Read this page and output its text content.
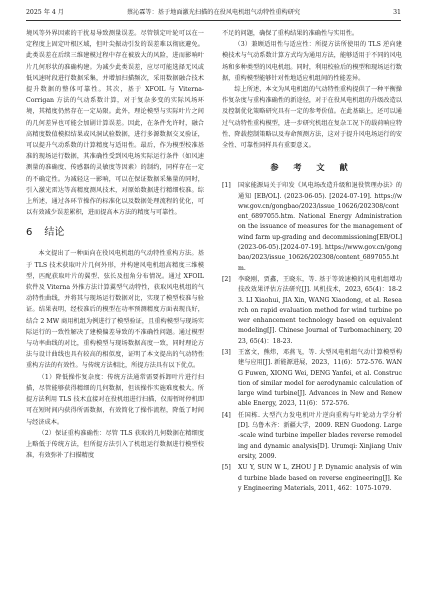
2025 年 4 月	蔡沁霖等：基于地面激光扫描的在役风电机组气动特性重构研究	31

境风等外界因素的干扰易导致测量误差。尽管锁定叶轮可以在一定程度上固定叶根区域，但叶尖振动引发的误差难以彻底避免。此类误差在后续三维建模过程中存在被放大的风险，进而影响叶片几何形状的准确构建。为减少此类误差，应尽可能选择无风或低风速时段进行数据采集，并增加扫描频次，采用数据融合技术提升数据的整体可靠性。其次，基于 XFOIL 与 Viterna-Corrigan 方法的气动系数计算，对于复杂多变的实际风场环境，其精度仍然存在一定局限。此外，理论模型与实际叶片之间的几何差异也可能会加剧计算误差。因此，在条件允许时，融合高精度数值模拟结果或风洞试验数据，进行多源数据交叉验证，可以提升气动系数的计算精度与适用性。最后，作为模型校准基准的现场运行数据，其准确性受到风电场实际运行条件（如风速测量的准确度、传感器的灵敏度等因素）的制约，同样存在一定的不确定性。为减轻这一影响，可以在保证数据采集量的同时，引入激光雷达等高精度测风技术，对原始数据进行精细校准。综上所述，通过各环节操作的标准化以及数据处理流程的优化，可以有效减少误差累积，进而提高本方法的精度与可靠性。

6 结论

本文提出了一种面向在役风电机组的气动特性重构方法。基于 TLS 技术获取叶片几何外形，并构建风电机组高精度三维模型，匹配获取叶片的翼型、弦长及扭角分布情况。通过 XFOIL 软件及 Viterna 外推方法计算翼型气动特性，获取风电机组的气动特性曲线，并将其与现场运行数据对比，实现了模型校准与验证。结果表明，经校准后的模型在功率预测精度方面表现良好，结合 2 MW 商用机组为例进行了模型验证，且重构模型与现场实际运行的一致性解决了建模偏差导致的不准确性问题。通过模型与功率曲线的对比，重构模型与现场数据高度一致，同时理论方法与设计曲线也具有较高的相似度，证明了本文提出的气动特性重构方法的有效性。与传统方法相比，所提方法具有以下优点。

（1）降低操作复杂度：传统方法通常需要拆卸叶片进行扫描，尽管能够获得精细的几何数据，但该操作实施难度极大。所提方法利用 TLS 技术直接对在役机组进行扫描，仅需暂时停机即可在短时间内获得所需数据，有效简化了操作流程，降低了时间与经济成本。

（2）保证重构准确性：尽管 TLS 获取的几何数据在精细度上略低于传统方法，但所提方法引入了机组运行数据进行模型校准，有效弥补了扫描精度

不足的问题，确保了重构结果的准确性与实用性。

（3）兼顾适用性与适应性：所提方法所使用的 TLS 逆向建模技术与气动系数计算方式均为通用方法，能够适用于不同的风电场和多种类型的风电机组。同时，利用校验后的模型和现场运行数据，重构模型能够针对性地适应机组间的性能差异。

综上所述，本文为风电机组的气动特性重构提供了一种平衡操作复杂度与重构准确性的新途径，对于在役风电机组的升级改造以及控制优化策略研究具有一定的参考价值。在此基础上，还可以通过气动特性重构模型，进一步研究机组在复杂工况下的载荷响应特性、降载控制策略以及寿命预测方法，这对于提升风电场运行的安全性、可靠性同样具有重要意义。

参 考 文 献
[1] 国家能源局关于印发《风电场改造升级和退役管理办法》的通知 [EB/OL]. (2023-06-05). [2024-07-19]. https://www.gov.cn/gongbao/2023/issue_10626/202308/content_6897055.htm. National Energy Administration on the issuance of measures for the management of wind farm up-grading and decommissioning[EB/OL](2023-06-05).[2024-07-19]. https://www.gov.cn/gongbao/2023/issue_10626/202308/content_6897055.htm.
[2] 李晓刚，贾鑫，王晓东，等. 基于等效速模的风电机组增功技改效果评估方法研究[J]. 风机技术，2023, 65(4)：18-23. LI Xiaohui, JIA Xin, WANG Xiaodong, et al. Research on rapid evaluation method for wind turbine power enhancement technology based on equivalent modeling[J]. Chinese Journal of Turbomachinery, 2023, 65(4)：18-23.
[3] 王富文，熊炜，邓燕飞，等. 大型风电机组气动计算模型构建与应用[J]. 新能源进展，2023，11(6)：572-576. WANG Fuwen, XIONG Wei, DENG Yanfei, et al. Construction of similar model for aerodynamic calculation of large wind turbine[J]. Advances in New and Renewable Energy, 2023, 11(6)：572-576.
[4] 任国栋. 大型汽力发电机叶片逆向重构与叶轮动力学分析[D]. 乌鲁木齐：新疆大学，2009. REN Guodong. Large-scale wind turbine impeller blades reverse remodeling and dynamic analysis[D]. Urumqi: Xinjiang University, 2009.
[5] XU Y, SUN W L, ZHOU J P. Dynamic analysis of wind turbine blade based on reverse engineering[J]. Key Engineering Materials, 2011, 462：1075-1079.
